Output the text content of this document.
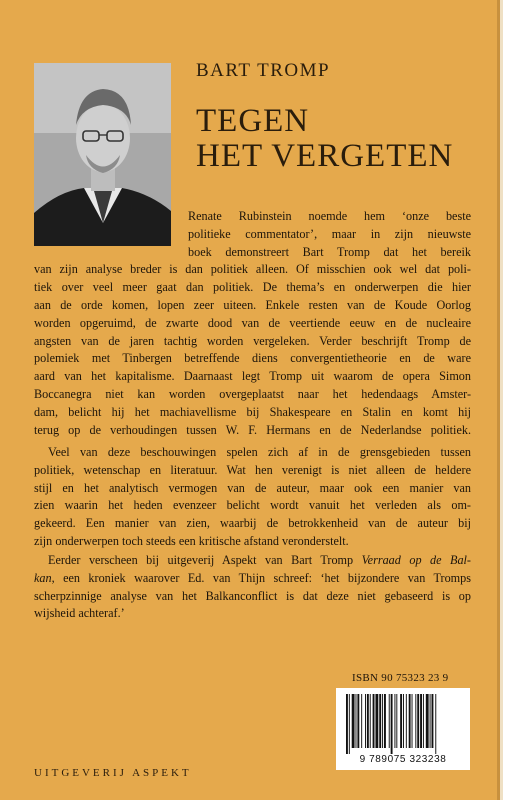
BART TROMP
TEGEN
HET VERGETEN
Renate Rubinstein noemde hem ‘onze beste
politieke commentator’, maar in zijn nieuwste
boek demonstreert Bart Tromp dat het bereik
van zijn analyse breder is dan politiek alleen. Of misschien ook wel dat poli-
tiek over veel meer gaat dan politiek. De thema’s en onderwerpen die hier
aan de orde komen, lopen zeer uiteen. Enkele resten van de Koude Oorlog
worden opgeruimd, de zwarte dood van de veertiende eeuw en de nucleaire
angsten van de jaren tachtig worden vergeleken. Verder beschrijft Tromp de
polemiek met Tinbergen betreffende diens convergentietheorie en de ware
aard van het kapitalisme. Daarnaast legt Tromp uit waarom de opera Simon
Boccanegra niet kan worden overgeplaatst naar het hedendaags Amster-
dam, belicht hij het machiavellisme bij Shakespeare en Stalin en komt hij
terug op de verhoudingen tussen W. F. Hermans en de Nederlandse politiek.
Veel van deze beschouwingen spelen zich af in de grensgebieden tussen
politiek, wetenschap en literatuur. Wat hen verenigt is niet alleen de heldere
stijl en het analytisch vermogen van de auteur, maar ook een manier van
zien waarin het heden evenzeer belicht wordt vanuit het verleden als om-
gekeerd. Een manier van zien, waarbij de betrokkenheid van de auteur bij
zijn onderwerpen toch steeds een kritische afstand veronderstelt.
Eerder verscheen bij uitgeverij Aspekt van Bart Tromp Verraad op de Bal-
kan, een kroniek waarover Ed. van Thijn schreef: ‘het bijzondere van Tromps
scherpzinnige analyse van het Balkanconflict is dat deze niet gebaseerd is op
wijsheid achteraf.’
ISBN 90 75323 23 9
9 789075 323238
UITGEVERIJ ASPEKT
